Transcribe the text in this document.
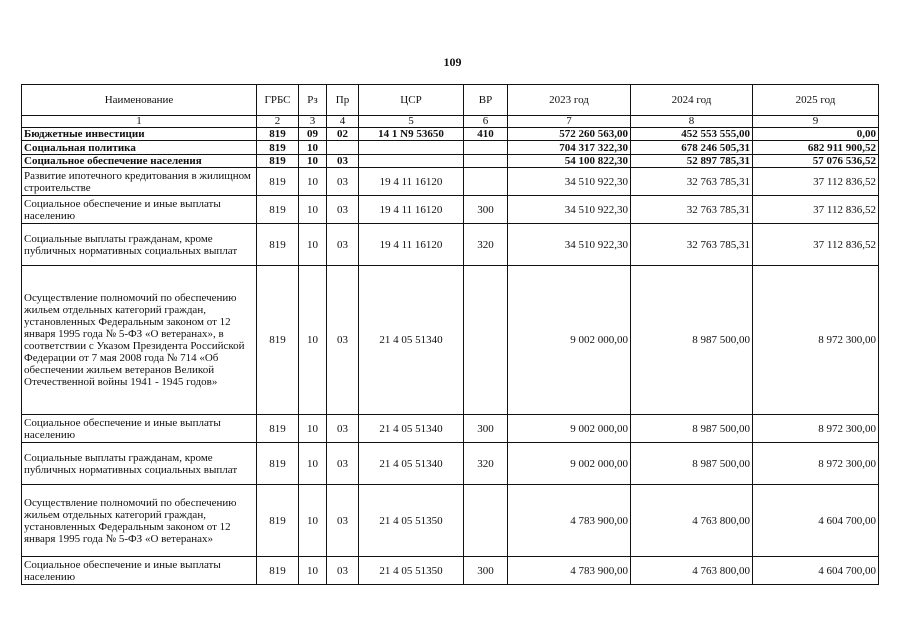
109
Наименование	ГРБС	Рз	Пр	ЦСР	ВР	2023 год	2024 год	2025 год
1	2	3	4	5	6	7	8	9
Бюджетные инвестиции	819	09	02	14 1 N9 53650	410	572 260 563,00	452 553 555,00	0,00
Социальная политика	819	10				704 317 322,30	678 246 505,31	682 911 900,52
Социальное обеспечение населения	819	10	03			54 100 822,30	52 897 785,31	57 076 536,52
Развитие ипотечного кредитования в жилищном строительстве	819	10	03	19 4 11 16120		34 510 922,30	32 763 785,31	37 112 836,52
Социальное обеспечение и иные выплаты населению	819	10	03	19 4 11 16120	300	34 510 922,30	32 763 785,31	37 112 836,52
Социальные выплаты гражданам, кроме публичных нормативных социальных выплат	819	10	03	19 4 11 16120	320	34 510 922,30	32 763 785,31	37 112 836,52
Осуществление полномочий по обеспечению жильем отдельных категорий граждан, установленных Федеральным законом от 12 января 1995 года № 5-ФЗ «О ветеранах», в соответствии с Указом Президента Российской Федерации от 7 мая 2008 года № 714 «Об обеспечении жильем ветеранов Великой Отечественной войны 1941 - 1945 годов»	819	10	03	21 4 05 51340		9 002 000,00	8 987 500,00	8 972 300,00
Социальное обеспечение и иные выплаты населению	819	10	03	21 4 05 51340	300	9 002 000,00	8 987 500,00	8 972 300,00
Социальные выплаты гражданам, кроме публичных нормативных социальных выплат	819	10	03	21 4 05 51340	320	9 002 000,00	8 987 500,00	8 972 300,00
Осуществление полномочий по обеспечению жильем отдельных категорий граждан, установленных Федеральным законом от 12 января 1995 года № 5-ФЗ «О ветеранах»	819	10	03	21 4 05 51350		4 783 900,00	4 763 800,00	4 604 700,00
Социальное обеспечение и иные выплаты населению	819	10	03	21 4 05 51350	300	4 783 900,00	4 763 800,00	4 604 700,00
